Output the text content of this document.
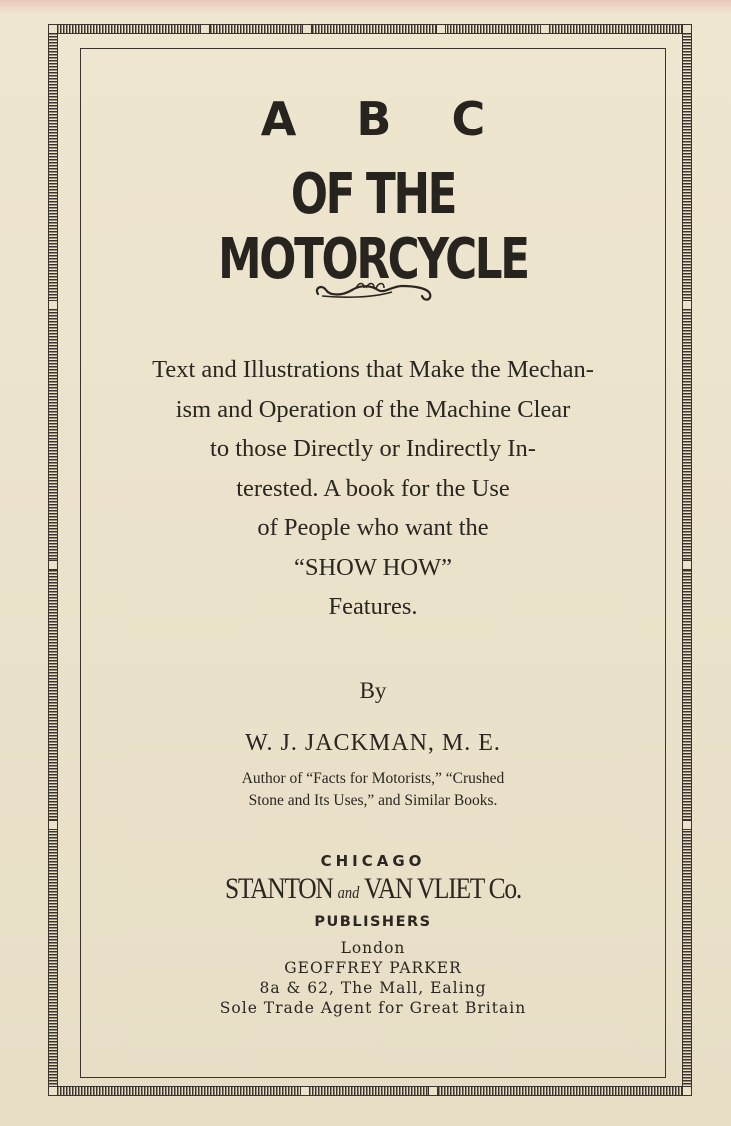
A B C
OF THE MOTORCYCLE
Text and Illustrations that Make the Mechan-
ism and Operation of the Machine Clear
to those Directly or Indirectly In-
terested. A book for the Use
of People who want the
“SHOW HOW”
Features.
By
W. J. JACKMAN, M. E.
Author of “Facts for Motorists,” “Crushed
Stone and Its Uses,” and Similar Books.
CHICAGO
STANTON and VAN VLIET Co.
PUBLISHERS
London
GEOFFREY PARKER
8a & 62, The Mall, Ealing
Sole Trade Agent for Great Britain
